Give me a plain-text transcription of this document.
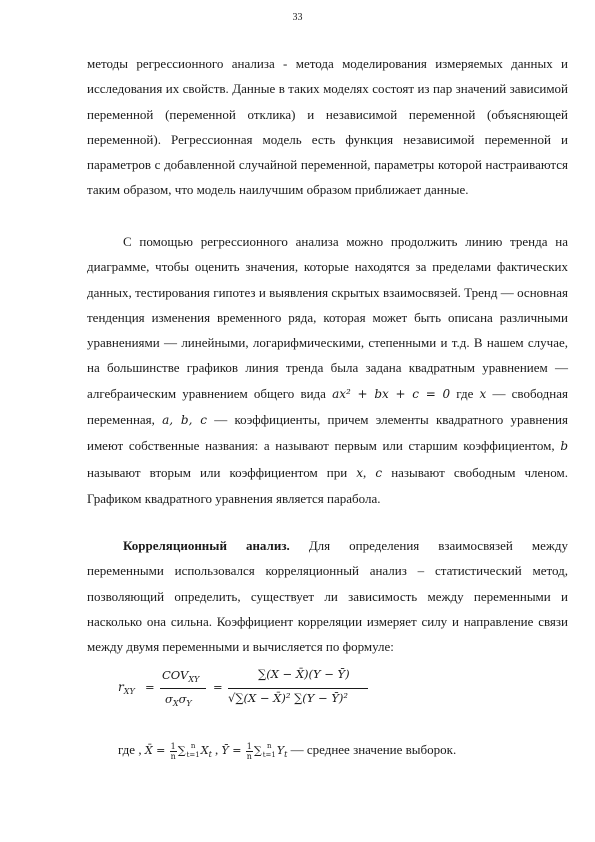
33
методы регрессионного анализа - метода моделирования измеряемых данных и исследования их свойств. Данные в таких моделях состоят из пар значений зависимой переменной (переменной отклика) и независимой переменной (объясняющей переменной). Регрессионная модель есть функция независимой переменной и параметров с добавленной случайной переменной, параметры которой настраиваются таким образом, что модель наилучшим образом приближает данные.
С помощью регрессионного анализа можно продолжить линию тренда на диаграмме, чтобы оценить значения, которые находятся за пределами фактических данных, тестирования гипотез и выявления скрытых взаимосвязей. Тренд — основная тенденция изменения временного ряда, которая может быть описана различными уравнениями — линейными, логарифмическими, степенными и т.д. В нашем случае, на большинстве графиков линия тренда была задана квадратным уравнением — алгебраическим уравнением общего вида ax² + bx + c = 0 где x — свободная переменная, a, b, c — коэффициенты, причем элементы квадратного уравнения имеют собственные названия: а называют первым или старшим коэффициентом, b называют вторым или коэффициентом при x, c называют свободным членом. Графиком квадратного уравнения является парабола.
Корреляционный анализ. Для определения взаимосвязей между переменными использовался корреляционный анализ – статистический метод, позволяющий определить, существует ли зависимость между переменными и насколько она сильна. Коэффициент корреляции измеряет силу и направление связи между двумя переменными и вычисляется по формуле:
$r_{XY}$ =
$COV_{XY}$
$\sigma_X\sigma_Y$
=
∑(X − X̄)(Y − Ȳ)
√∑(X − X̄)² ∑(Y − Ȳ)²
где , X̄ = $\frac{1}{n}$ ∑ n
t=1 $X_t$ , Ȳ = $\frac{1}{n}$ ∑ n
t=1 $Y_t$ — среднее значение выборок.
